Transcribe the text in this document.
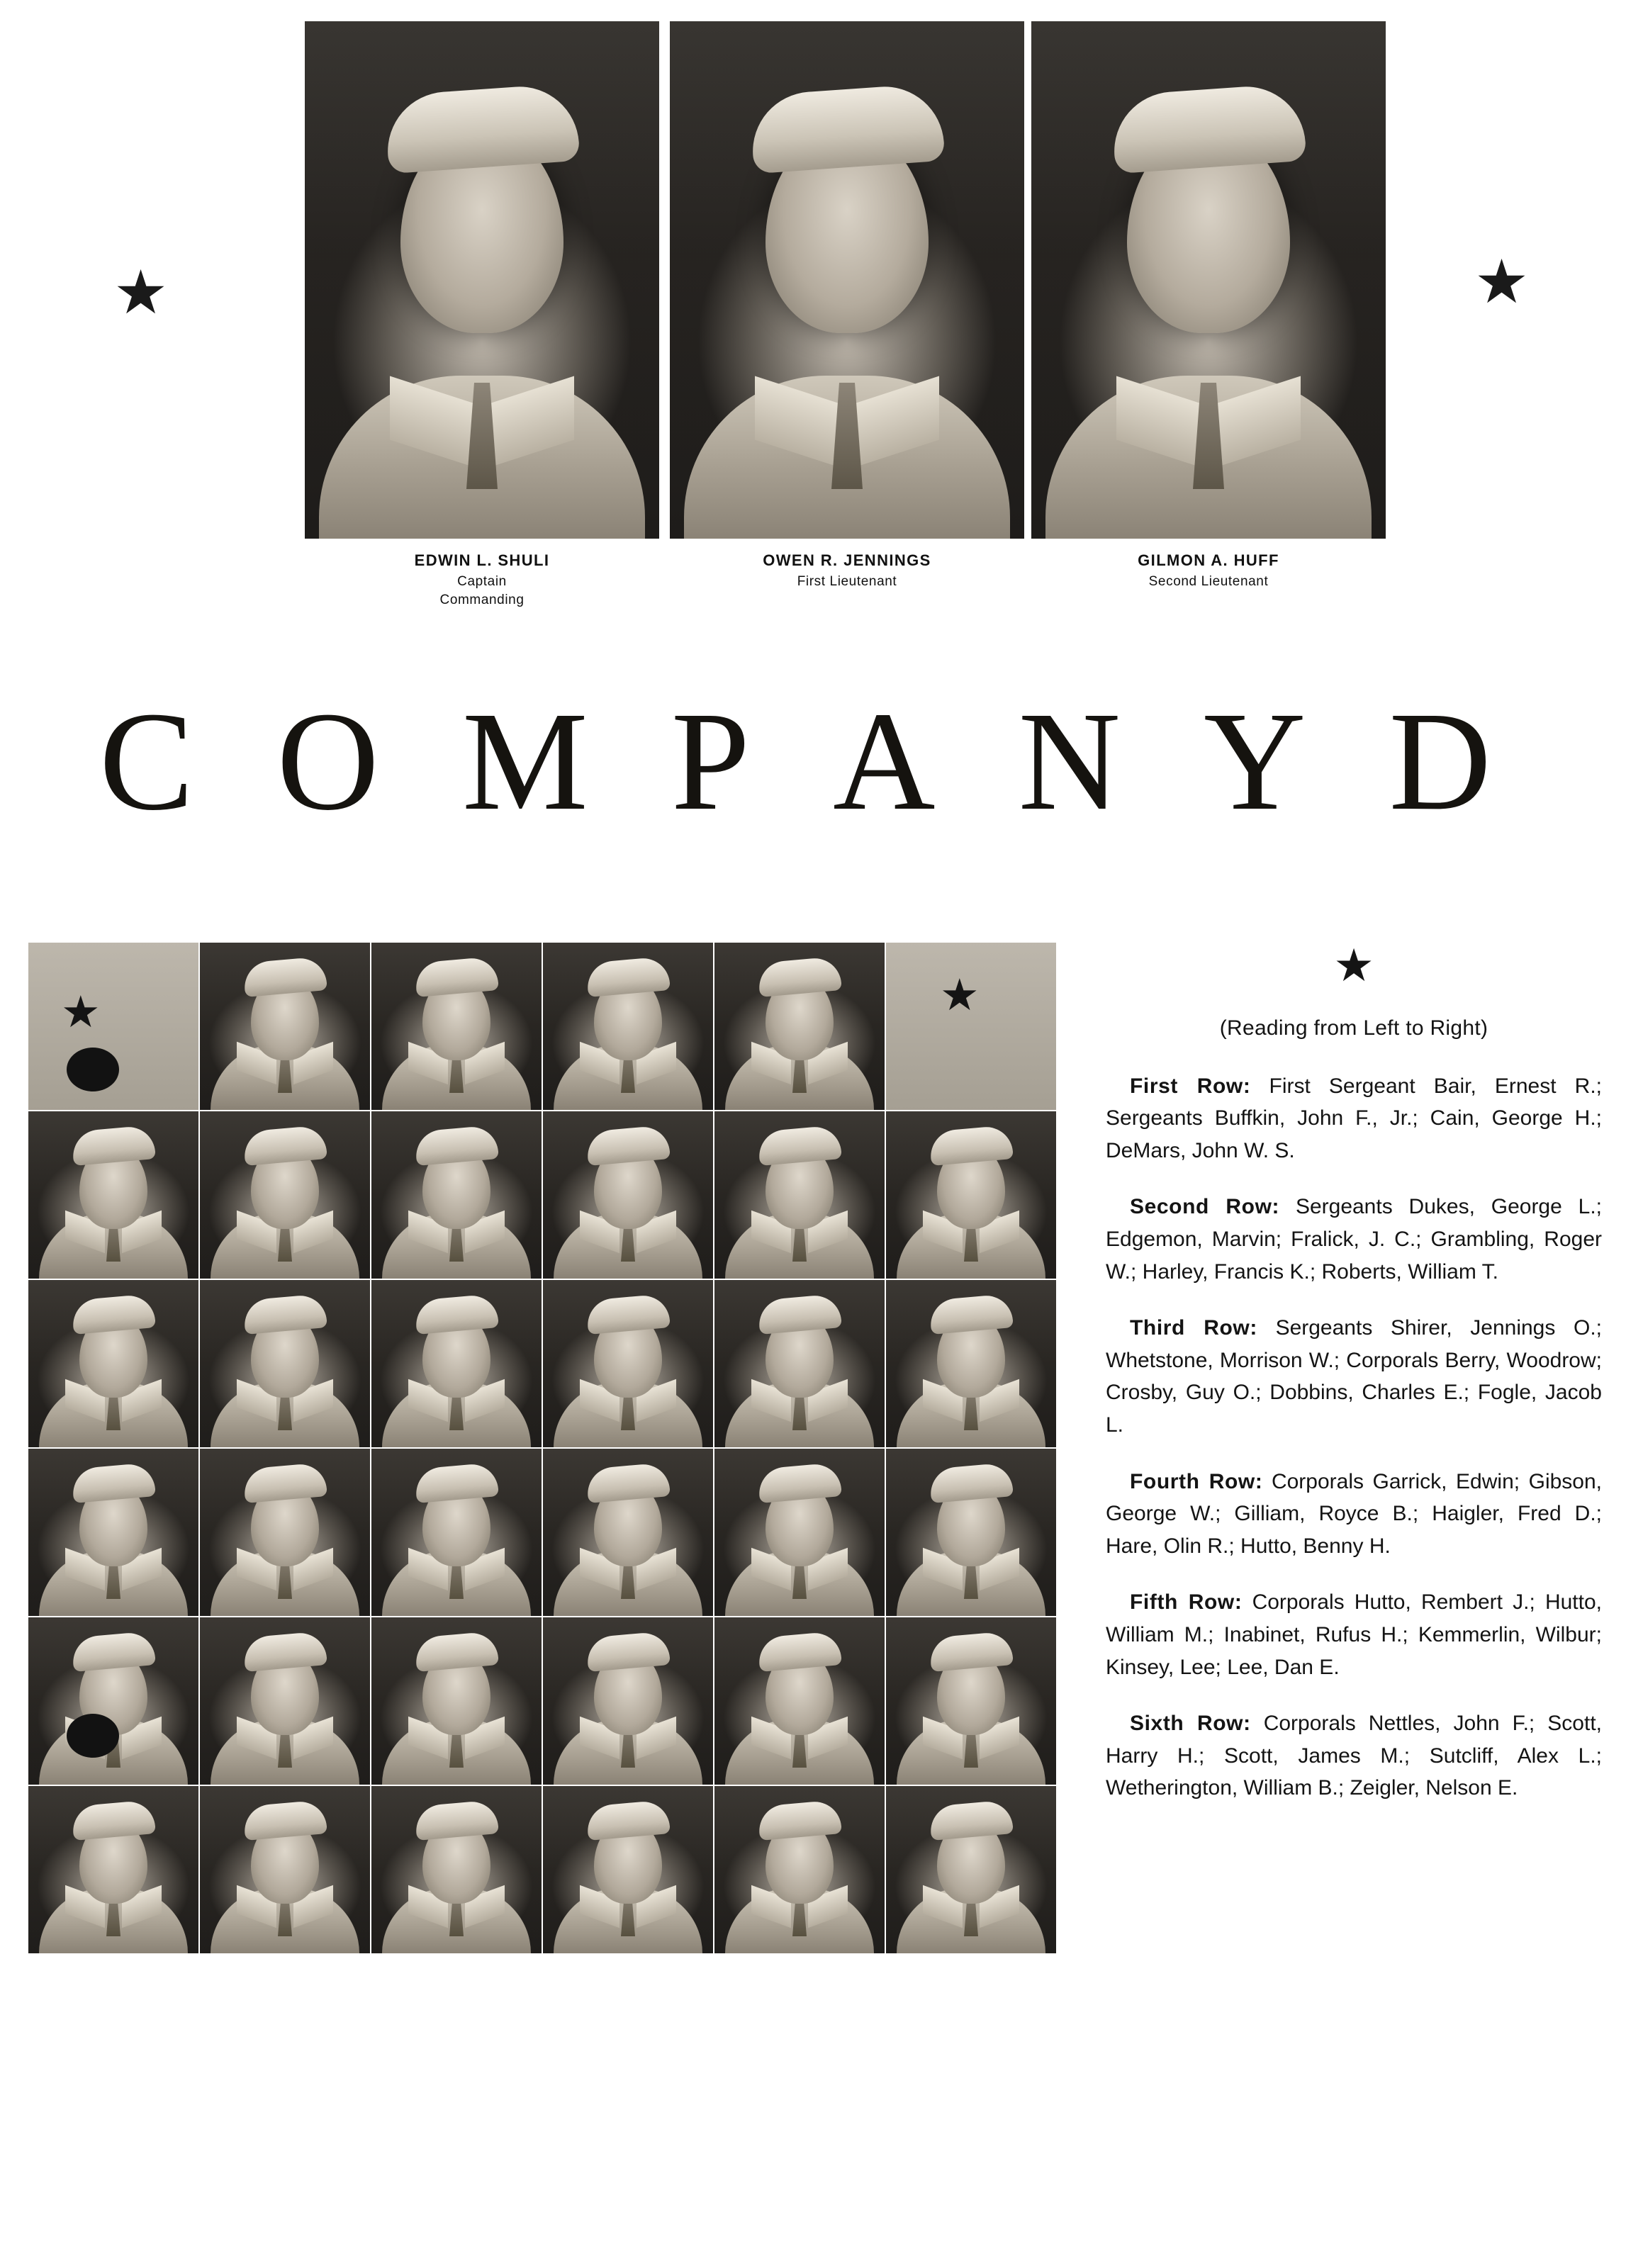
★	★
EDWIN L. SHULI
Captain
Commanding
OWEN R. JENNINGS
First Lieutenant
GILMON A. HUFF
Second Lieutenant
C O M P A N Y D
★	★
★
(Reading from Left to Right)

First Row: First Sergeant Bair, Ernest R.; Sergeants Buffkin, John F., Jr.; Cain, George H.; DeMars, John W. S.

Second Row: Sergeants Dukes, George L.; Edgemon, Marvin; Fralick, J. C.; Grambling, Roger W.; Harley, Francis K.; Roberts, William T.

Third Row: Sergeants Shirer, Jennings O.; Whetstone, Morrison W.; Corporals Berry, Woodrow; Crosby, Guy O.; Dobbins, Charles E.; Fogle, Jacob L.

Fourth Row: Corporals Garrick, Edwin; Gibson, George W.; Gilliam, Royce B.; Haigler, Fred D.; Hare, Olin R.; Hutto, Benny H.

Fifth Row: Corporals Hutto, Rembert J.; Hutto, William M.; Inabinet, Rufus H.; Kemmerlin, Wilbur; Kinsey, Lee; Lee, Dan E.

Sixth Row: Corporals Nettles, John F.; Scott, Harry H.; Scott, James M.; Sutcliff, Alex L.; Wetherington, William B.; Zeigler, Nelson E.
